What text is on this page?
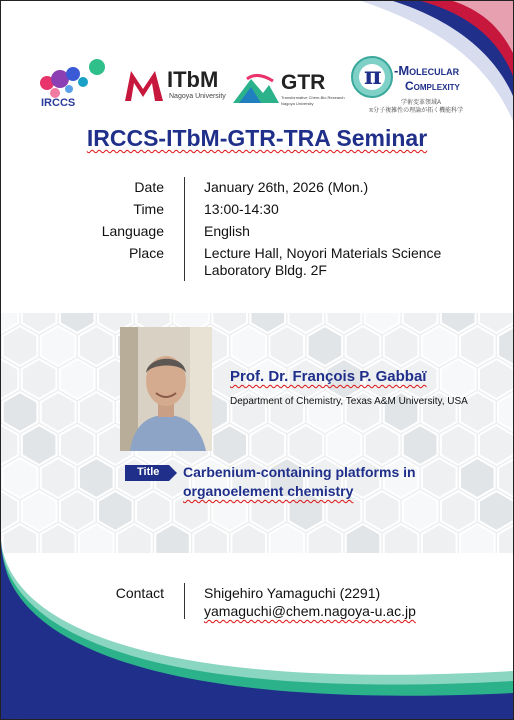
IRCCS
ITbM
Nagoya University
GTR
Transformative Chem-Bio Research
Nagoya University
π -Molecular
Complexity
学術変革領域A
π分子複雑性の理論が拓く機能科学
IRCCS-ITbM-GTR-TRA Seminar
Date	January 26th, 2026 (Mon.)
Time	13:00-14:30
Language	English
Place	Lecture Hall, Noyori Materials Science Laboratory Bldg. 2F
Prof. Dr. François P. Gabbaï
Department of Chemistry, Texas A&M University, USA
Title Carbenium-containing platforms in
organoelement chemistry
Contact	Shigehiro Yamaguchi (2291)
yamaguchi@chem.nagoya-u.ac.jp
